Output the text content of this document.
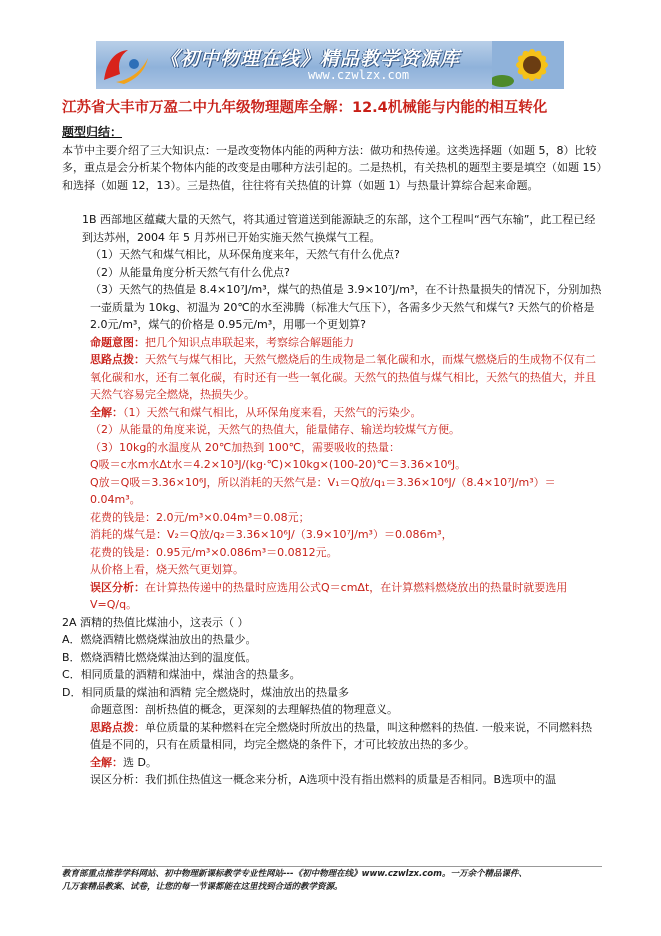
《初中物理在线》精品教学资源库
www.czwlzx.com
江苏省大丰市万盈二中九年级物理题库全解：12.4机械能与内能的相互转化

题型归结：

本节中主要介绍了三大知识点：一是改变物体内能的两种方法：做功和热传递。这类选择题（如题 5，8）比较多，重点是会分析某个物体内能的改变是由哪种方法引起的。二是热机，有关热机的题型主要是填空（如题 15）和选择（如题 12，13）。三是热值，往往将有关热值的计算（如题 1）与热量计算综合起来命题。

1B 西部地区蕴藏大量的天然气，将其通过管道送到能源缺乏的东部，这个工程叫“西气东输”，此工程已经到达苏州，2004 年 5 月苏州已开始实施天然气换煤气工程。

（1）天然气和煤气相比，从环保角度来年，天然气有什么优点?

（2）从能量角度分析天然气有什么优点?

（3）天然气的热值是 8.4×10⁷J/m³，煤气的热值是 3.9×10⁷J/m³，在不计热量损失的情况下，分别加热一壶质量为 10kg、初温为 20℃的水至沸腾（标准大气压下），各需多少天然气和煤气? 天然气的价格是 2.0元/m³，煤气的价格是 0.95元/m³，用哪一个更划算?

命题意图：把几个知识点串联起来，考察综合解题能力

思路点拨：天然气与煤气相比，天然气燃烧后的生成物是二氧化碳和水，而煤气燃烧后的生成物不仅有二氧化碳和水，还有二氧化碳，有时还有一些一氧化碳。天然气的热值与煤气相比，天然气的热值大，并且天然气容易完全燃烧，热损失少。

全解：（1）天然气和煤气相比，从环保角度来看，天然气的污染少。

（2）从能量的角度来说，天然气的热值大，能量储存、输送均较煤气方便。

（3）10kg的水温度从 20℃加热到 100℃，需要吸收的热量：

Q吸＝c水m水Δt水＝4.2×10³J/(kg·℃)×10kg×(100-20)℃＝3.36×10⁶J。

Q放＝Q吸＝3.36×10⁶J，所以消耗的天然气是：V₁＝Q放/q₁＝3.36×10⁶J/（8.4×10⁷J/m³）＝0.04m³。

花费的钱是：2.0元/m³×0.04m³＝0.08元；

消耗的煤气是：V₂＝Q放/q₂＝3.36×10⁶J/（3.9×10⁷J/m³）＝0.086m³，

花费的钱是：0.95元/m³×0.086m³＝0.0812元。

从价格上看，烧天然气更划算。

误区分析：在计算热传递中的热量时应选用公式Q＝cmΔt，在计算燃料燃烧放出的热量时就要选用 V=Q/q。

2A 酒精的热值比煤油小，这表示（ ）

A．燃烧酒精比燃烧煤油放出的热量少。

B．燃烧酒精比燃烧煤油达到的温度低。

C．相同质量的酒精和煤油中，煤油含的热量多。

D．相同质量的煤油和酒精 完全燃烧时，煤油放出的热量多

命题意图：剖析热值的概念，更深刻的去理解热值的物理意义。

思路点拨：单位质量的某种燃料在完全燃烧时所放出的热量，叫这种燃料的热值. 一般来说，不同燃料热值是不同的，只有在质量相同，均完全燃烧的条件下，才可比较放出热的多少。

全解：选 D。

误区分析：我们抓住热值这一概念来分析，A选项中没有指出燃料的质量是否相同。B选项中的温

教育部重点推荐学科网站、初中物理新课标教学专业性网站---《初中物理在线》www.czwlzx.com。一万余个精品课件、
几万套精品教案、试卷，让您的每一节课都能在这里找到合适的教学资源。
